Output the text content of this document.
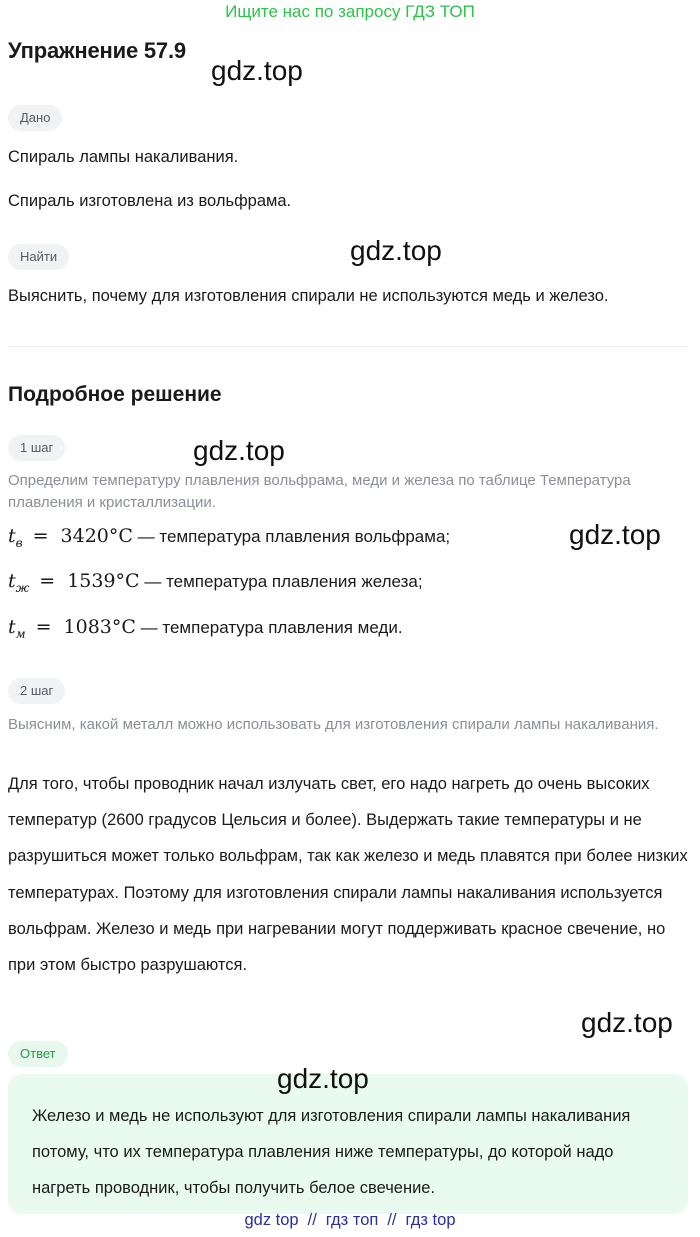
Ищите нас по запросу ГДЗ ТОП
Упражнение 57.9
gdz.top
Дано

Спираль лампы накаливания.

Спираль изготовлена из вольфрама.

gdz.top
Найти

Выяснить, почему для изготовления спирали не используются медь и железо.

Подробное решение
1 шаг	gdz.top

Определим температуру плавления вольфрама, меди и железа по таблице Температура плавления и кристаллизации.

$t_в = 3420^\circ C$ — температура плавления вольфрама;	gdz.top
$t_ж = 1539^\circ C$ — температура плавления железа;
$t_м = 1083^\circ C$ — температура плавления меди.
2 шаг

Выясним, какой металл можно использовать для изготовления спирали лампы накаливания.

Для того, чтобы проводник начал излучать свет, его надо нагреть до очень высоких температур (2600 градусов Цельсия и более). Выдержать такие температуры и не разрушиться может только вольфрам, так как железо и медь плавятся при более низких температурах. Поэтому для изготовления спирали лампы накаливания используется вольфрам. Железо и медь при нагревании могут поддерживать красное свечение, но при этом быстро разрушаются.

gdz.top
Ответ

Железо и медь не используют для изготовления спирали лампы накаливания потому, что их температура плавления ниже температуры, до которой надо нагреть проводник, чтобы получить белое свечение.

gdz.top
gdz top // гдз топ // гдз top
